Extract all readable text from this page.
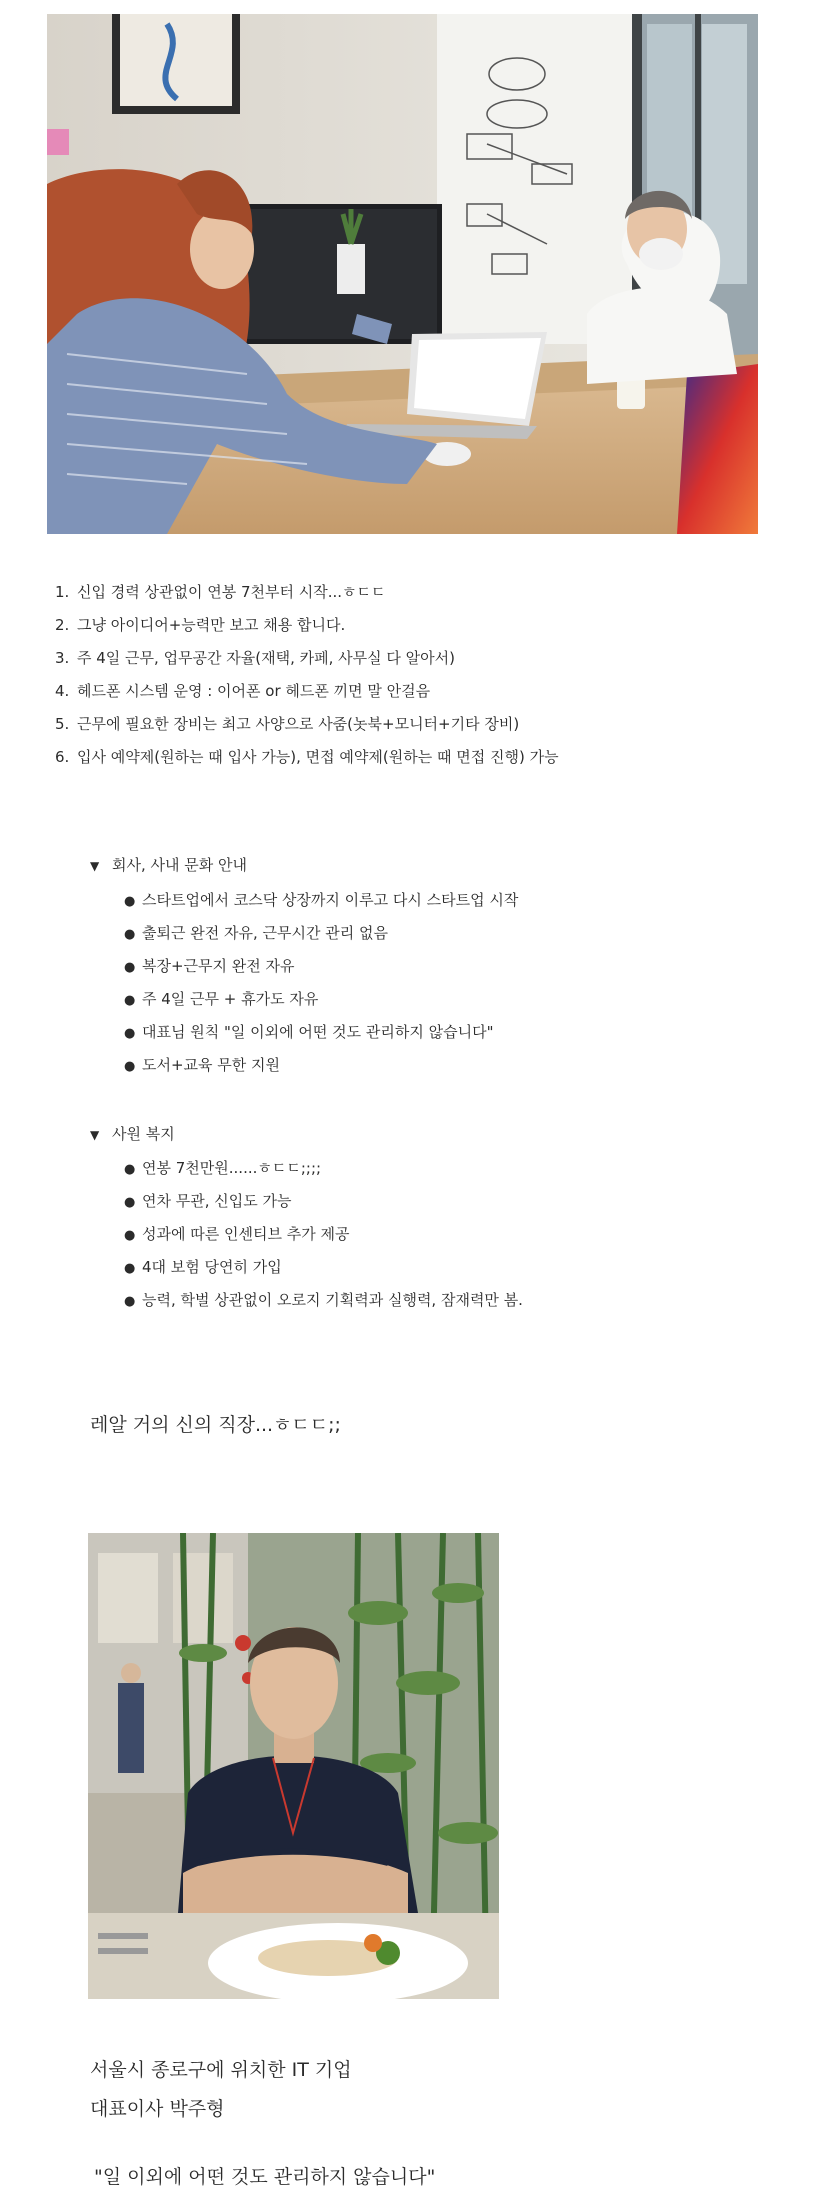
1. 신입 경력 상관없이 연봉 7천부터 시작...ㅎㄷㄷ
2. 그냥 아이디어+능력만 보고 채용 합니다.
3. 주 4일 근무, 업무공간 자율(재택, 카페, 사무실 다 알아서)
4. 헤드폰 시스템 운영 : 이어폰 or 헤드폰 끼면 말 안걸음
5. 근무에 필요한 장비는 최고 사양으로 사줌(놋북+모니터+기타 장비)
6. 입사 예약제(원하는 때 입사 가능), 면접 예약제(원하는 때 면접 진행) 가능
▼ 회사, 사내 문화 안내
● 스타트업에서 코스닥 상장까지 이루고 다시 스타트업 시작
● 출퇴근 완전 자유, 근무시간 관리 없음
● 복장+근무지 완전 자유
● 주 4일 근무 + 휴가도 자유
● 대표님 원칙 "일 이외에 어떤 것도 관리하지 않습니다"
● 도서+교육 무한 지원
▼ 사원 복지
● 연봉 7천만원......ㅎㄷㄷ;;;;
● 연차 무관, 신입도 가능
● 성과에 따른 인센티브 추가 제공
● 4대 보험 당연히 가입
● 능력, 학벌 상관없이 오로지 기획력과 실행력, 잠재력만 봄.
레알 거의 신의 직장...ㅎㄷㄷ;;
서울시 종로구에 위치한 IT 기업
대표이사 박주형
"일 이외에 어떤 것도 관리하지 않습니다"
